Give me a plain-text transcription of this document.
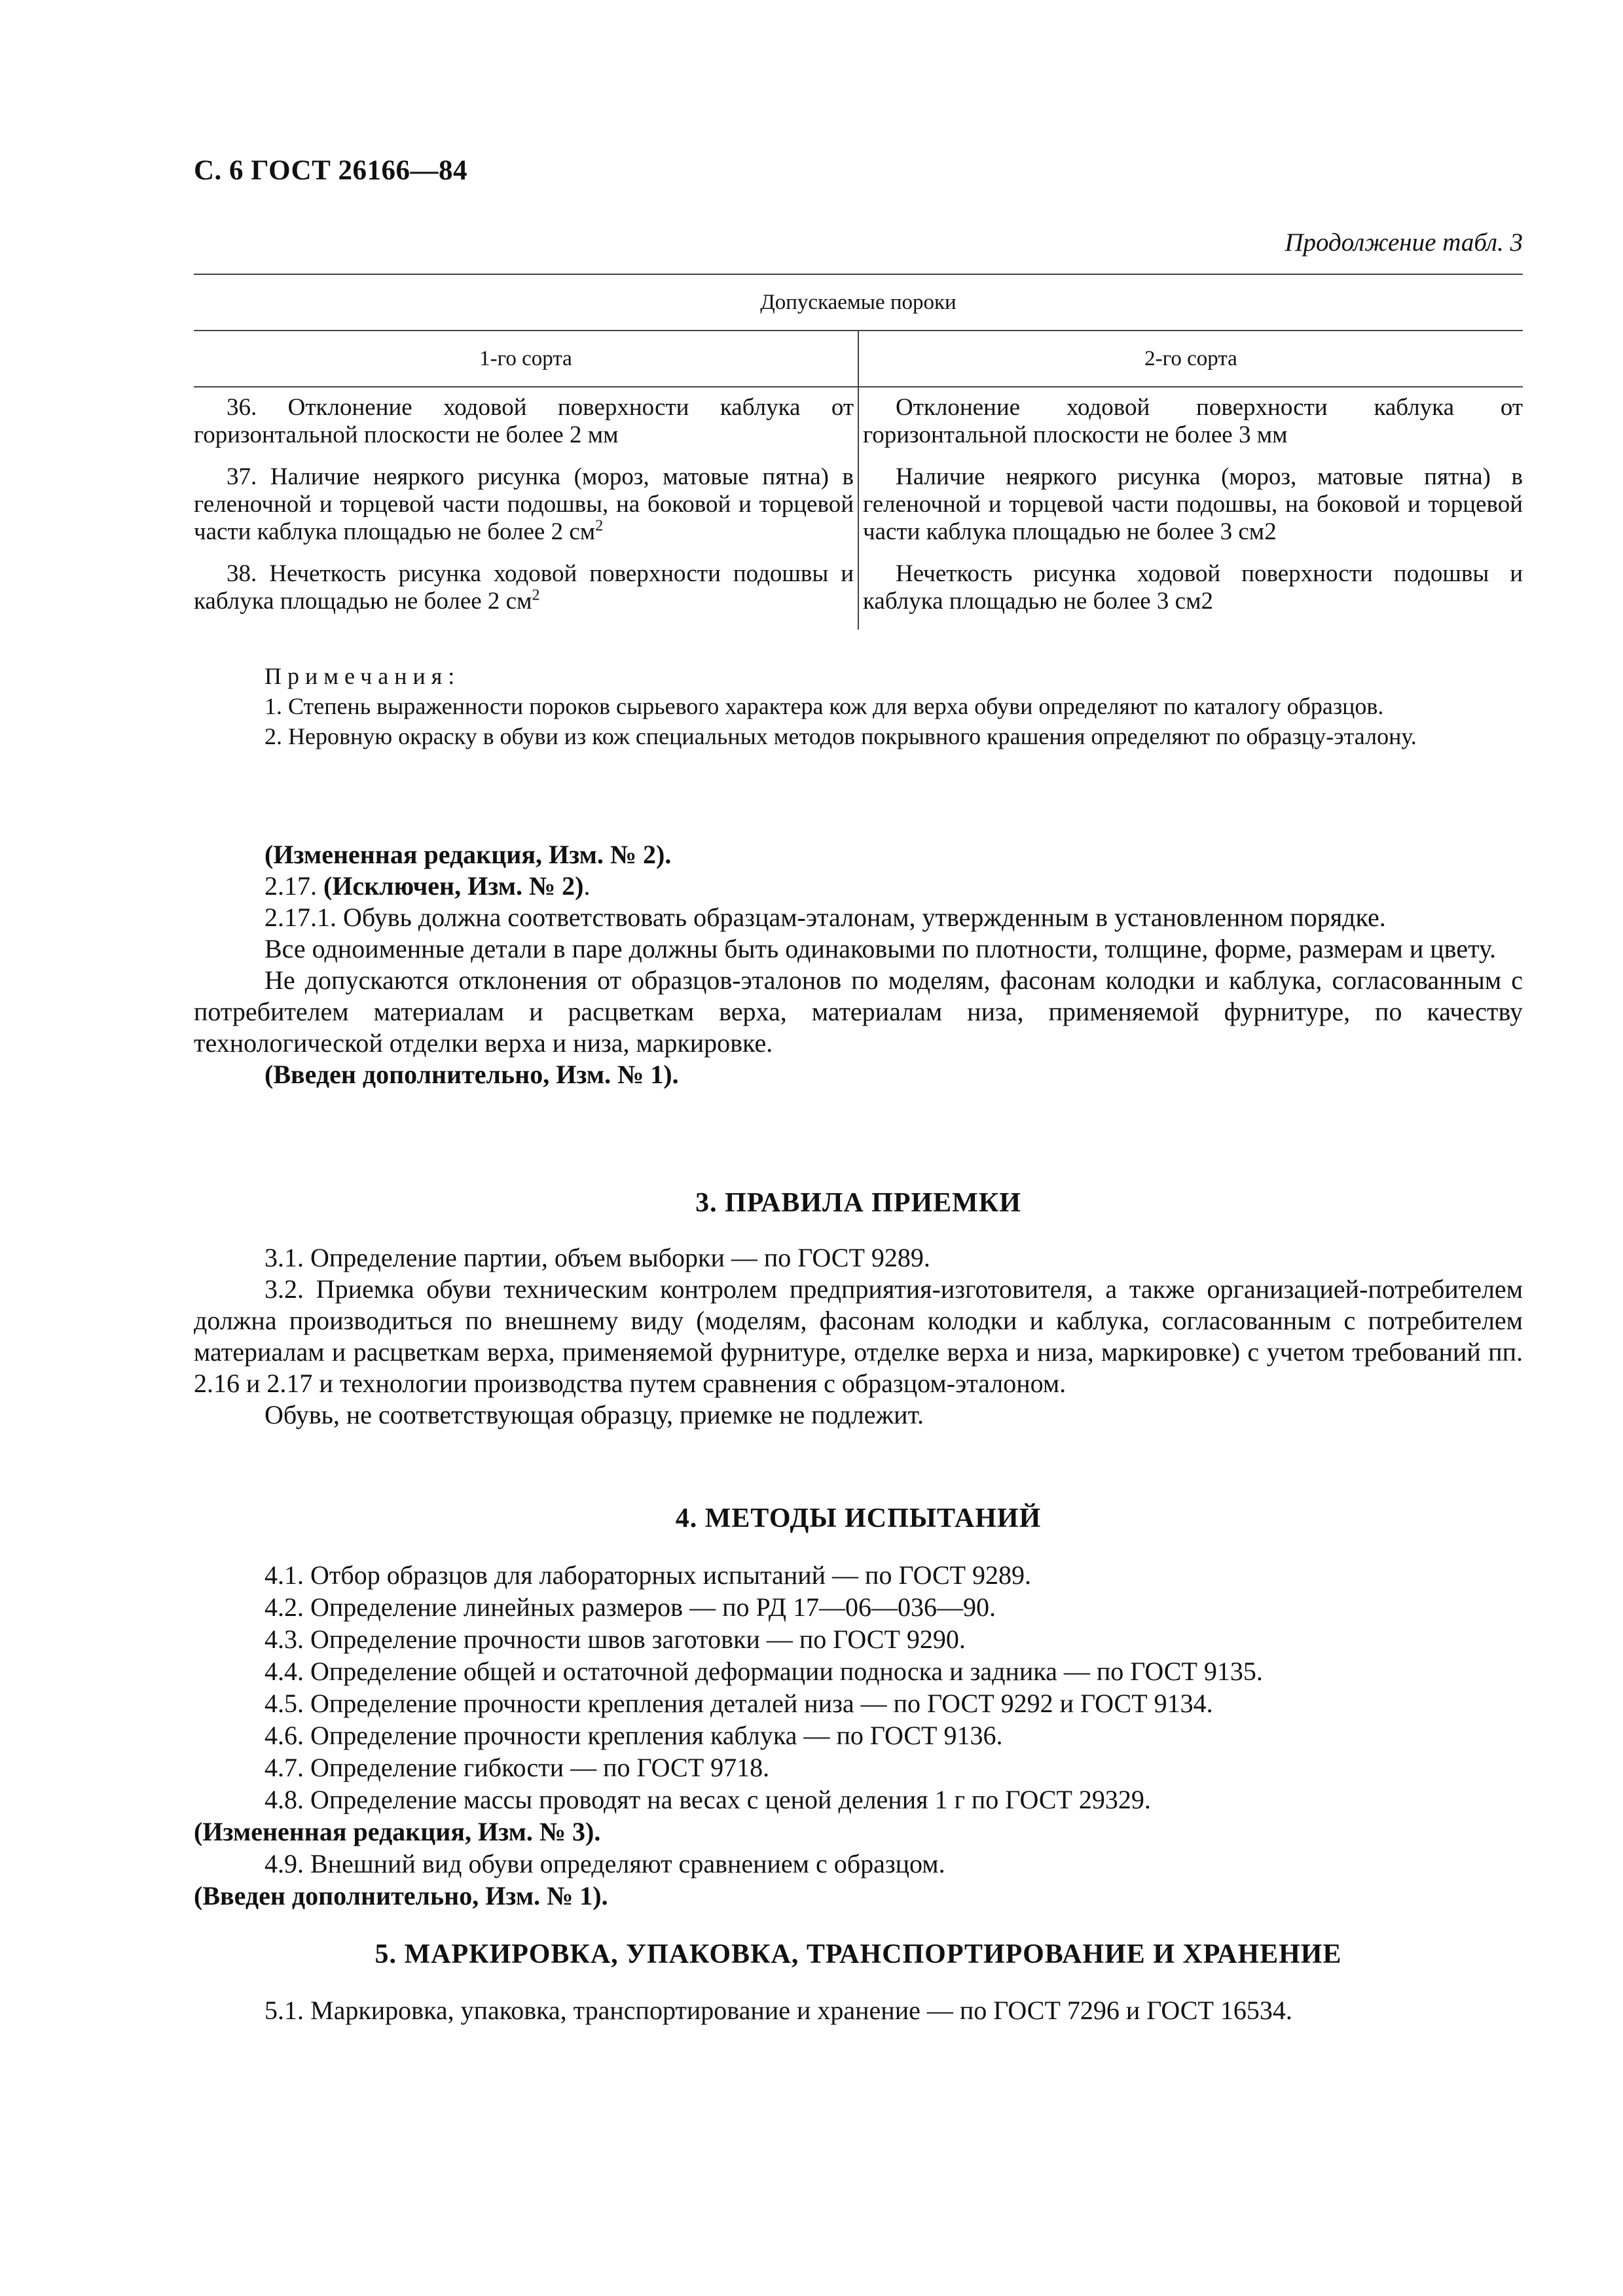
С. 6 ГОСТ 26166—84
Продолжение табл. 3
Допускаемые пороки	
1-го сорта	2-го сорта
36. Отклонение ходовой поверхности каблука от горизонтальной плоскости не более 2 мм	Отклонение ходовой поверхности каблука от горизонтальной плоскости не более 3 мм
37. Наличие неяркого рисунка (мороз, матовые пятна) в геленочной и торцевой части подошвы, на боковой и торцевой части каблука площадью не более 2 $см^2$	Наличие неяркого рисунка (мороз, матовые пятна) в геленочной и торцевой части подошвы, на боковой и торцевой части каблука площадью не более 3 см2
38. Нечеткость рисунка ходовой поверхности подошвы и каблука площадью не более 2 $см^2$	Нечеткость рисунка ходовой поверхности подошвы и каблука площадью не более 3 см2

Примечания:

1. Степень выраженности пороков сырьевого характера кож для верха обуви определяют по каталогу образцов.

2. Неровную окраску в обуви из кож специальных методов покрывного крашения определяют по образцу-эталону.

(Измененная редакция, Изм. № 2).

2.17. (Исключен, Изм. № 2).

2.17.1. Обувь должна соответствовать образцам-эталонам, утвержденным в установленном порядке.

Все одноименные детали в паре должны быть одинаковыми по плотности, толщине, форме, размерам и цвету.

Не допускаются отклонения от образцов-эталонов по моделям, фасонам колодки и каблука, согласованным с потребителем материалам и расцветкам верха, материалам низа, применяемой фурнитуре, по качеству технологической отделки верха и низа, маркировке.

(Введен дополнительно, Изм. № 1).

3. ПРАВИЛА ПРИЕМКИ

3.1. Определение партии, объем выборки — по ГОСТ 9289.

3.2. Приемка обуви техническим контролем предприятия-изготовителя, а также организацией-потребителем должна производиться по внешнему виду (моделям, фасонам колодки и каблука, согласованным с потребителем материалам и расцветкам верха, применяемой фурнитуре, отделке верха и низа, маркировке) с учетом требований пп. 2.16 и 2.17 и технологии производства путем сравнения с образцом-эталоном.

Обувь, не соответствующая образцу, приемке не подлежит.

4. МЕТОДЫ ИСПЫТАНИЙ

4.1. Отбор образцов для лабораторных испытаний — по ГОСТ 9289.

4.2. Определение линейных размеров — по РД 17—06—036—90.

4.3. Определение прочности швов заготовки — по ГОСТ 9290.

4.4. Определение общей и остаточной деформации подноска и задника — по ГОСТ 9135.

4.5. Определение прочности крепления деталей низа — по ГОСТ 9292 и ГОСТ 9134.

4.6. Определение прочности крепления каблука — по ГОСТ 9136.

4.7. Определение гибкости — по ГОСТ 9718.

4.8. Определение массы проводят на весах с ценой деления 1 г по ГОСТ 29329.

(Измененная редакция, Изм. № 3).

4.9. Внешний вид обуви определяют сравнением с образцом.

(Введен дополнительно, Изм. № 1).

5. МАРКИРОВКА, УПАКОВКА, ТРАНСПОРТИРОВАНИЕ И ХРАНЕНИЕ

5.1. Маркировка, упаковка, транспортирование и хранение — по ГОСТ 7296 и ГОСТ 16534.
